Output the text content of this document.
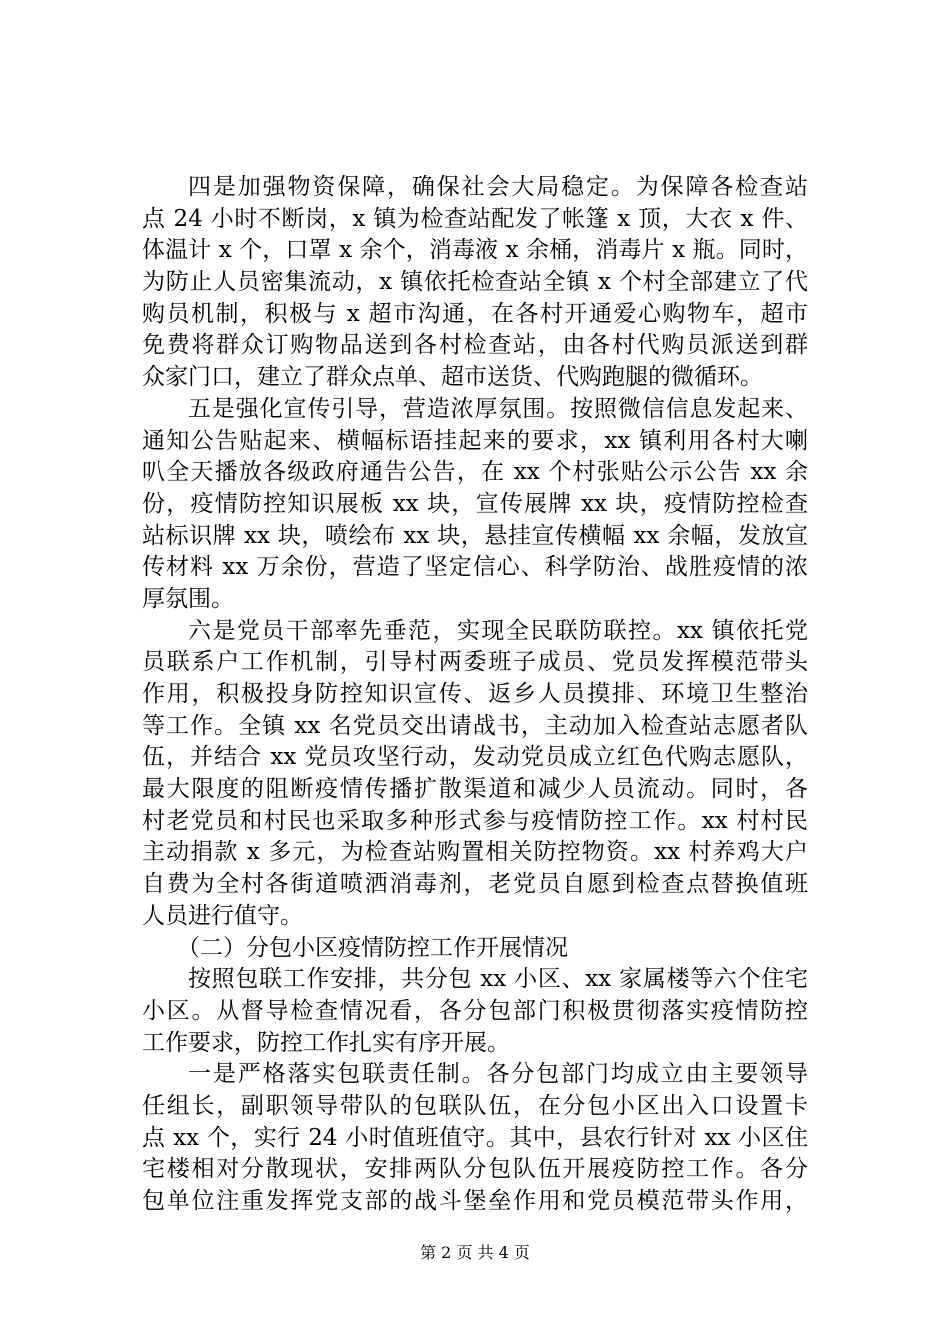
四是加强物资保障，确保社会大局稳定。为保障各检查站
点 24 小时不断岗，x 镇为检查站配发了帐篷 x 顶，大衣 x 件、
体温计 x 个，口罩 x 余个，消毒液 x 余桶，消毒片 x 瓶。同时，
为防止人员密集流动，x 镇依托检查站全镇 x 个村全部建立了代
购员机制，积极与 x 超市沟通，在各村开通爱心购物车，超市
免费将群众订购物品送到各村检查站，由各村代购员派送到群
众家门口，建立了群众点单、超市送货、代购跑腿的微循环。
五是强化宣传引导，营造浓厚氛围。按照微信信息发起来、
通知公告贴起来、横幅标语挂起来的要求，xx 镇利用各村大喇
叭全天播放各级政府通告公告，在 xx 个村张贴公示公告 xx 余
份，疫情防控知识展板 xx 块，宣传展牌 xx 块，疫情防控检查
站标识牌 xx 块，喷绘布 xx 块，悬挂宣传横幅 xx 余幅，发放宣
传材料 xx 万余份，营造了坚定信心、科学防治、战胜疫情的浓
厚氛围。
六是党员干部率先垂范，实现全民联防联控。xx 镇依托党
员联系户工作机制，引导村两委班子成员、党员发挥模范带头
作用，积极投身防控知识宣传、返乡人员摸排、环境卫生整治
等工作。全镇 xx 名党员交出请战书，主动加入检查站志愿者队
伍，并结合 xx 党员攻坚行动，发动党员成立红色代购志愿队，
最大限度的阻断疫情传播扩散渠道和减少人员流动。同时，各
村老党员和村民也采取多种形式参与疫情防控工作。xx 村村民
主动捐款 x 多元，为检查站购置相关防控物资。xx 村养鸡大户
自费为全村各街道喷洒消毒剂，老党员自愿到检查点替换值班
人员进行值守。
（二）分包小区疫情防控工作开展情况
按照包联工作安排，共分包 xx 小区、xx 家属楼等六个住宅
小区。从督导检查情况看，各分包部门积极贯彻落实疫情防控
工作要求，防控工作扎实有序开展。
一是严格落实包联责任制。各分包部门均成立由主要领导
任组长，副职领导带队的包联队伍，在分包小区出入口设置卡
点 xx 个，实行 24 小时值班值守。其中，县农行针对 xx 小区住
宅楼相对分散现状，安排两队分包队伍开展疫防控工作。各分
包单位注重发挥党支部的战斗堡垒作用和党员模范带头作用，
第 2 页 共 4 页
